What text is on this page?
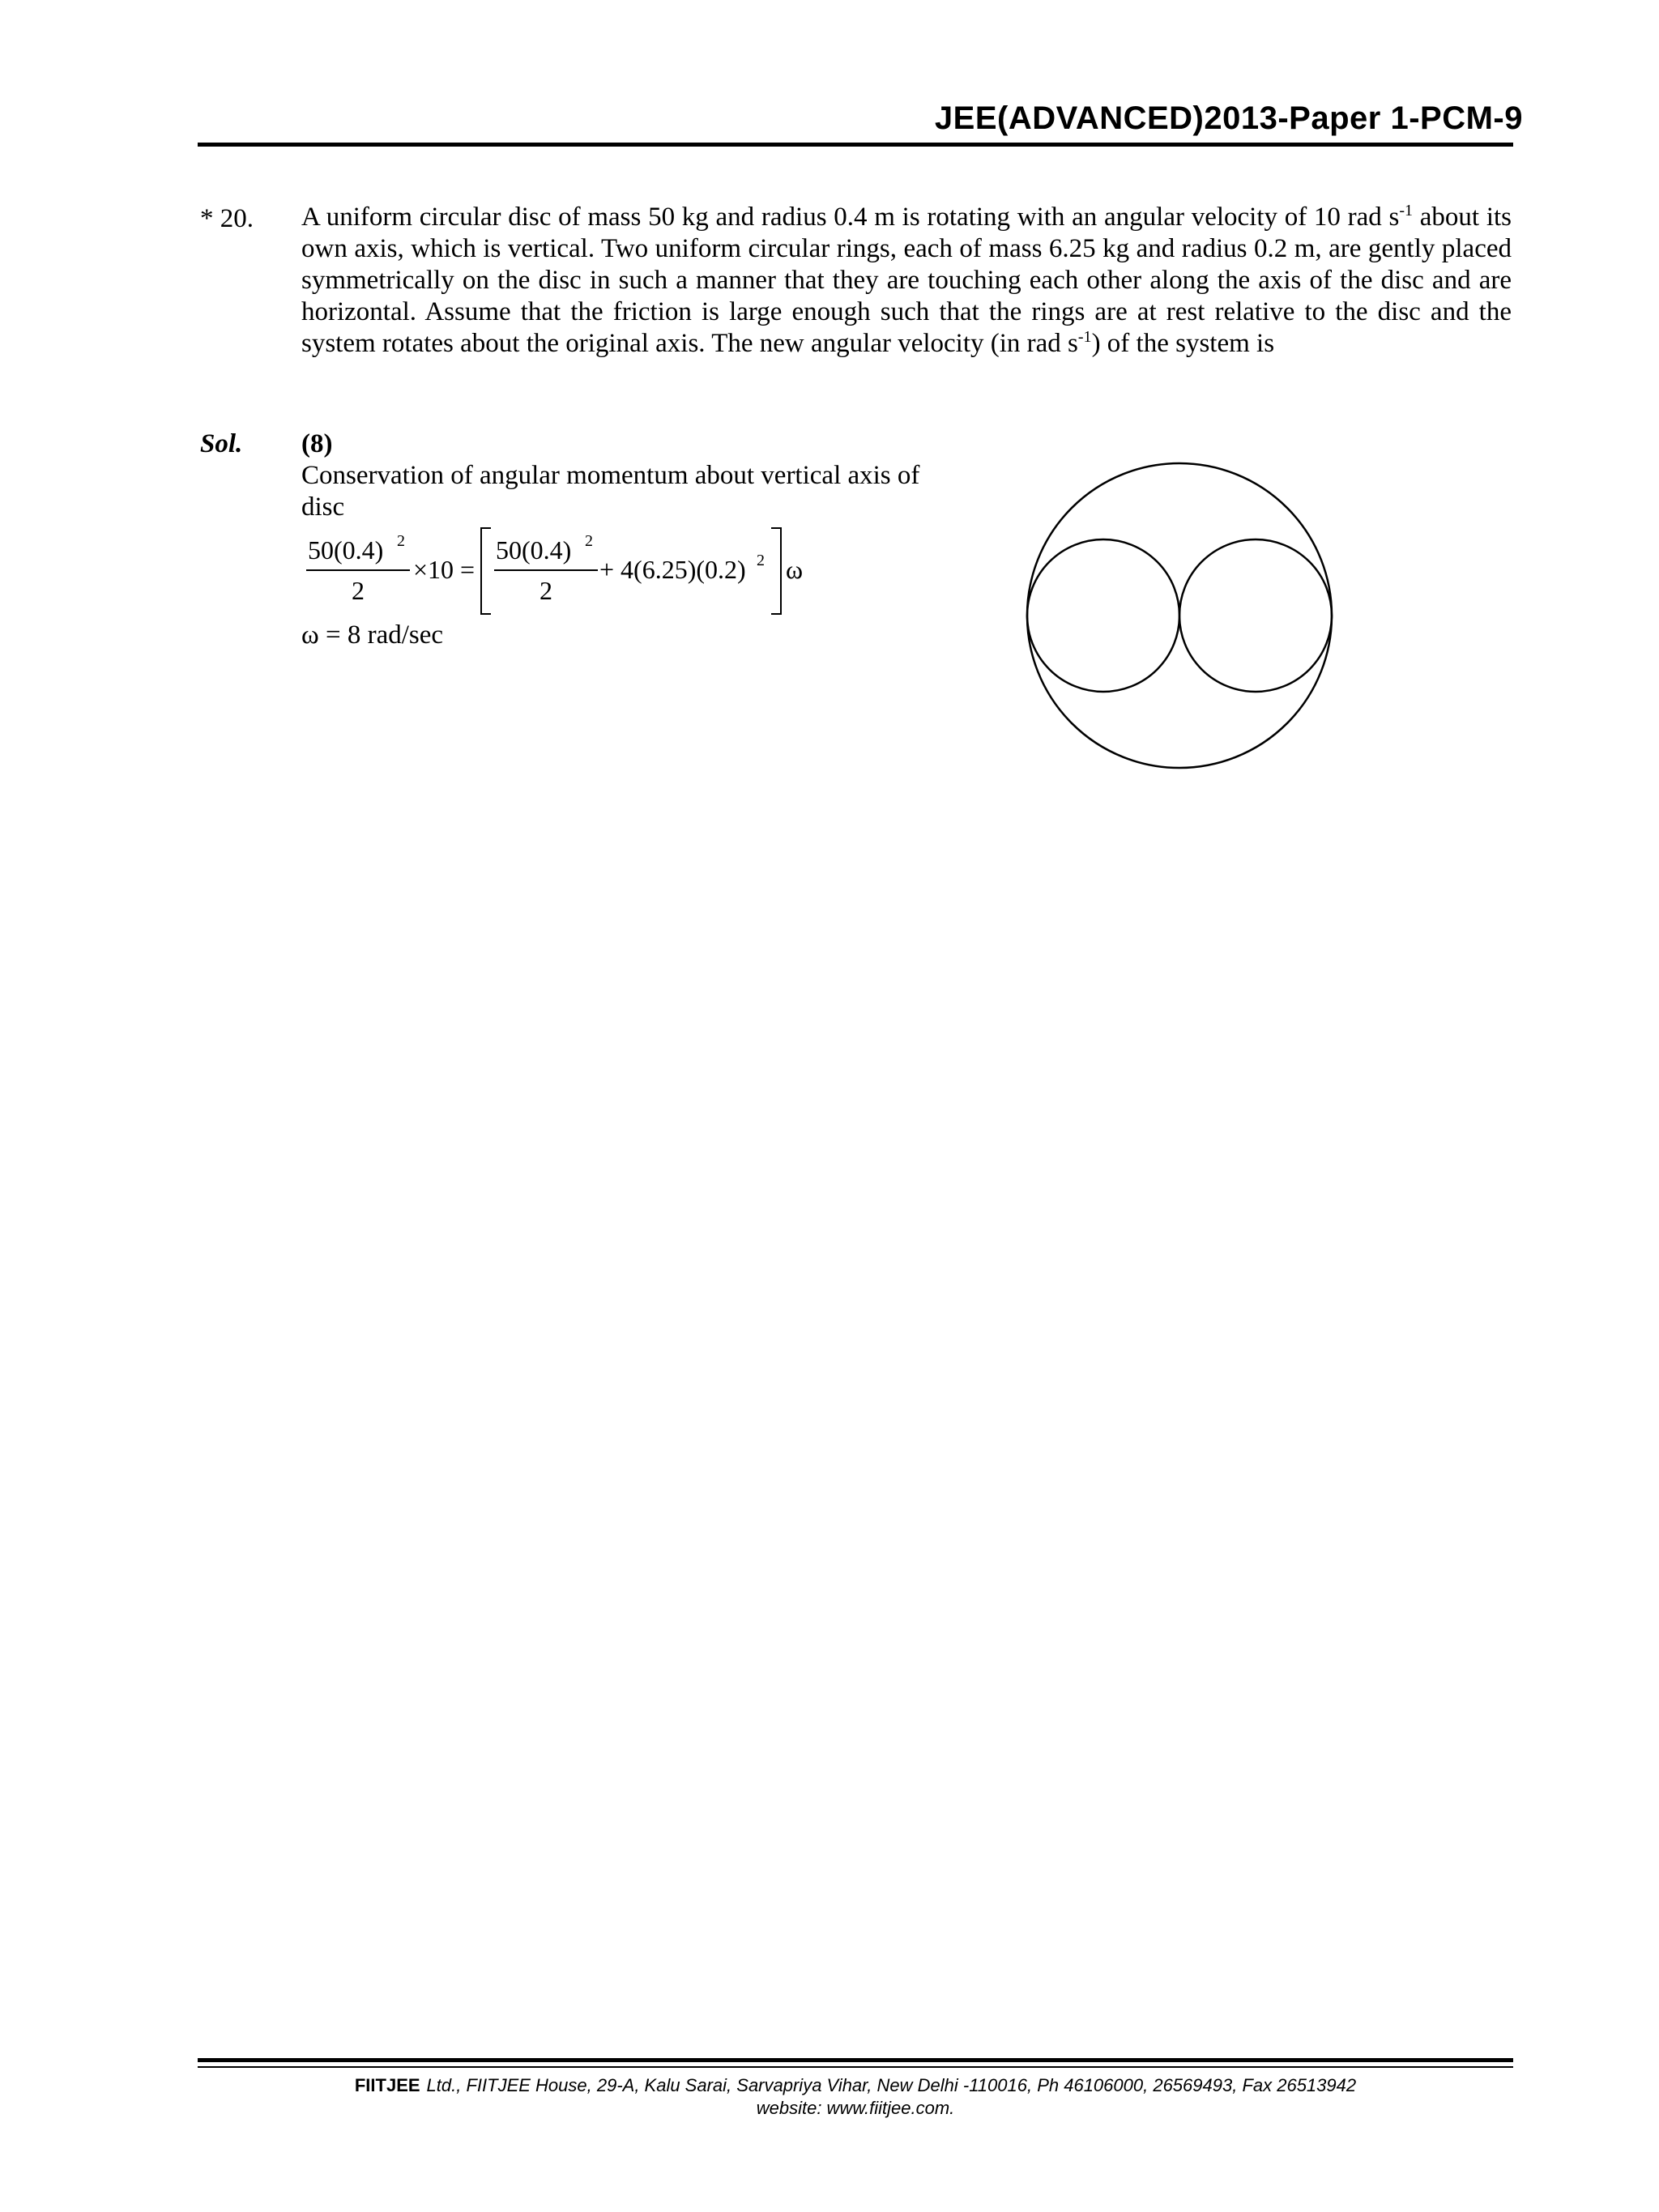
JEE(ADVANCED)2013-Paper 1-PCM-9
* 20. A uniform circular disc of mass 50 kg and radius 0.4 m is rotating with an angular velocity of 10 rad $s^{-1}$ about its own axis, which is vertical. Two uniform circular rings, each of mass 6.25 kg and radius 0.2 m, are gently placed symmetrically on the disc in such a manner that they are touching each other along the axis of the disc and are horizontal. Assume that the friction is large enough such that the rings are at rest relative to the disc and the system rotates about the original axis. The new angular velocity (in rad $s^{-1}$) of the system is

Sol. (8)

Conservation of angular momentum about vertical axis of disc

50(0.4) 2
2
×10 =
50(0.4) 2
2
+ 4(6.25)(0.2) 2 ω
ω = 8 rad/sec
FIITJEE Ltd., FIITJEE House, 29-A, Kalu Sarai, Sarvapriya Vihar, New Delhi -110016, Ph 46106000, 26569493, Fax 26513942
website: www.fiitjee.com.
